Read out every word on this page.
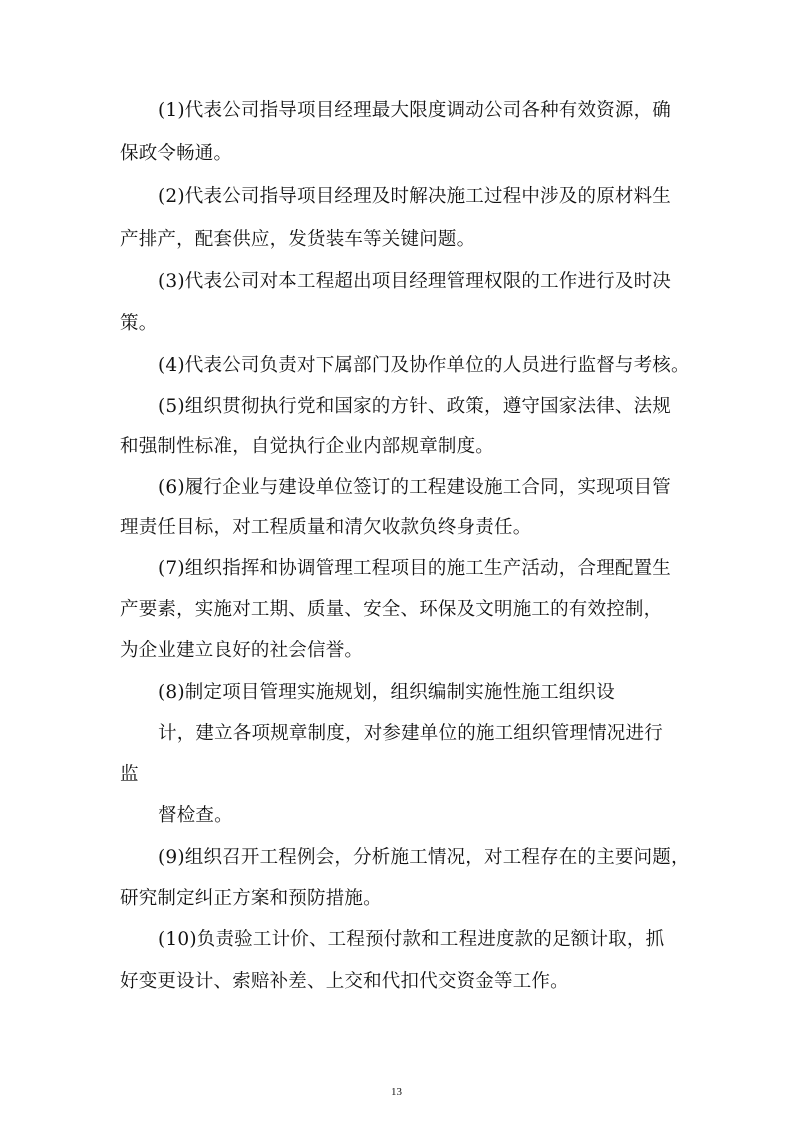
(1)代表公司指导项目经理最大限度调动公司各种有效资源，确
保政令畅通。
(2)代表公司指导项目经理及时解决施工过程中涉及的原材料生
产排产，配套供应，发货装车等关键问题。
(3)代表公司对本工程超出项目经理管理权限的工作进行及时决
策。
(4)代表公司负责对下属部门及协作单位的人员进行监督与考核。
(5)组织贯彻执行党和国家的方针、政策，遵守国家法律、法规
和强制性标准，自觉执行企业内部规章制度。
(6)履行企业与建设单位签订的工程建设施工合同，实现项目管
理责任目标，对工程质量和清欠收款负终身责任。
(7)组织指挥和协调管理工程项目的施工生产活动，合理配置生
产要素，实施对工期、质量、安全、环保及文明施工的有效控制，
为企业建立良好的社会信誉。
(8)制定项目管理实施规划，组织编制实施性施工组织设
计，建立各项规章制度，对参建单位的施工组织管理情况进行
监
督检查。
(9)组织召开工程例会，分析施工情况，对工程存在的主要问题，
研究制定纠正方案和预防措施。
(10)负责验工计价、工程预付款和工程进度款的足额计取，抓
好变更设计、索赔补差、上交和代扣代交资金等工作。
13
